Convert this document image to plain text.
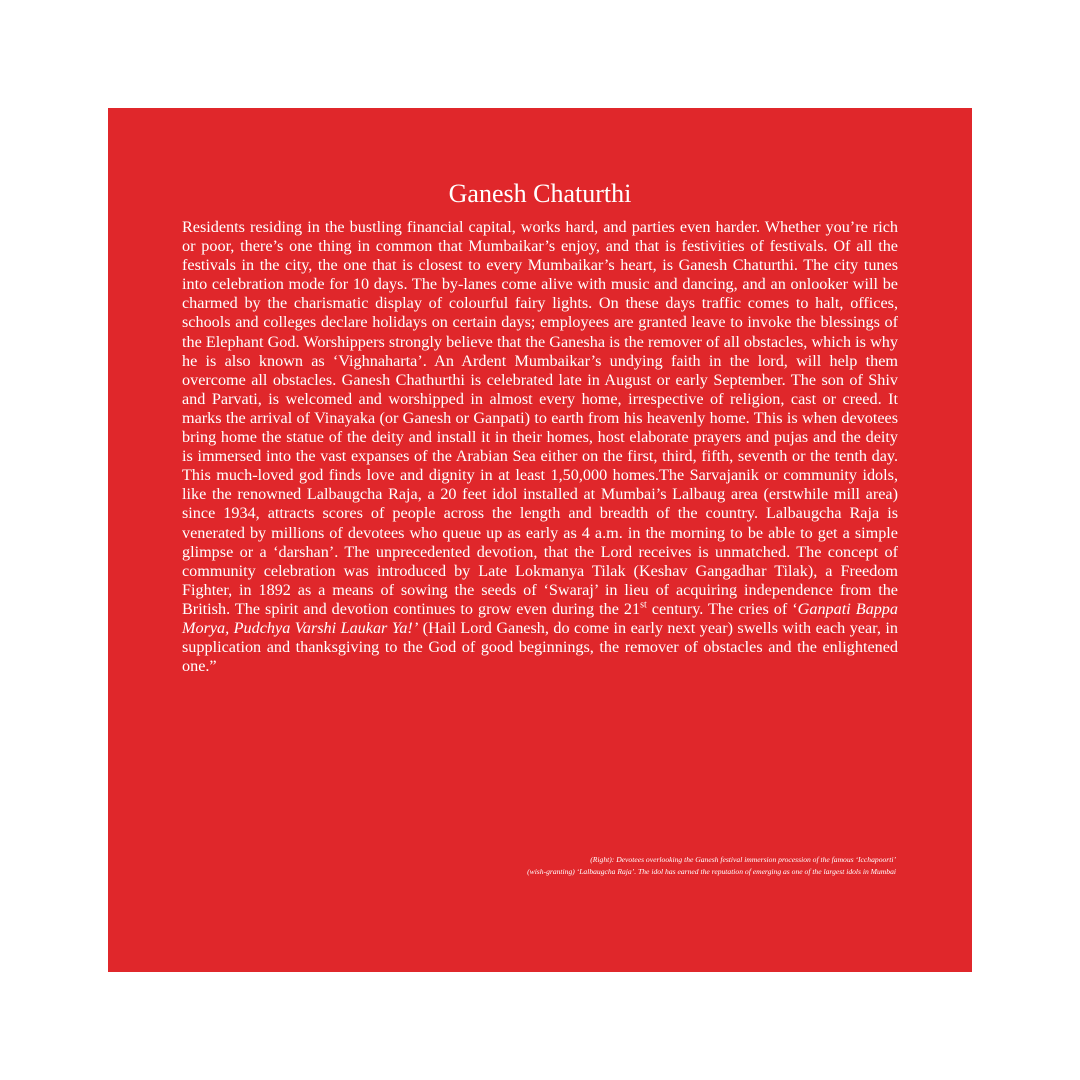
Ganesh Chaturthi
Residents residing in the bustling financial capital, works hard, and parties even harder. Whether you’re rich or poor, there’s one thing in common that Mumbaikar’s enjoy, and that is festivities of festivals. Of all the festivals in the city, the one that is closest to every Mumbaikar’s heart, is Ganesh Chaturthi. The city tunes into celebration mode for 10 days. The by-lanes come alive with music and dancing, and an onlooker will be charmed by the charismatic display of colourful fairy lights. On these days traffic comes to halt, offices, schools and colleges declare holidays on certain days; employees are granted leave to invoke the blessings of the Elephant God. Worshippers strongly believe that the Ganesha is the remover of all obstacles, which is why he is also known as ‘Vighnaharta’. An Ardent Mumbaikar’s undying faith in the lord, will help them overcome all obstacles. Ganesh Chathurthi is celebrated late in August or early September. The son of Shiv and Parvati, is welcomed and worshipped in almost every home, irrespective of religion, cast or creed. It marks the arrival of Vinayaka (or Ganesh or Ganpati) to earth from his heavenly home. This is when devotees bring home the statue of the deity and install it in their homes, host elaborate prayers and pujas and the deity is immersed into the vast expanses of the Arabian Sea either on the first, third, fifth, seventh or the tenth day. This much-loved god finds love and dignity in at least 1,50,000 homes.The Sarvajanik or community idols, like the renowned Lalbaugcha Raja, a 20 feet idol installed at Mumbai’s Lalbaug area (erstwhile mill area) since 1934, attracts scores of people across the length and breadth of the country. Lalbaugcha Raja is venerated by millions of devotees who queue up as early as 4 a.m. in the morning to be able to get a simple glimpse or a ‘darshan’. The unprecedented devotion, that the Lord receives is unmatched. The concept of community celebration was introduced by Late Lokmanya Tilak (Keshav Gangadhar Tilak), a Freedom Fighter, in 1892 as a means of sowing the seeds of ‘Swaraj’ in lieu of acquiring independence from the British. The spirit and devotion continues to grow even during the 21st century. The cries of ‘Ganpati Bappa Morya, Pudchya Varshi Laukar Ya!’ (Hail Lord Ganesh, do come in early next year) swells with each year, in supplication and thanksgiving to the God of good beginnings, the remover of obstacles and the enlightened one.”
(Right): Devotees overlooking the Ganesh festival immersion procession of the famous ‘Icchapoorti’
(wish-granting) ‘Lalbaugcha Raja’. The idol has earned the reputation of emerging as one of the largest idols in Mumbai
